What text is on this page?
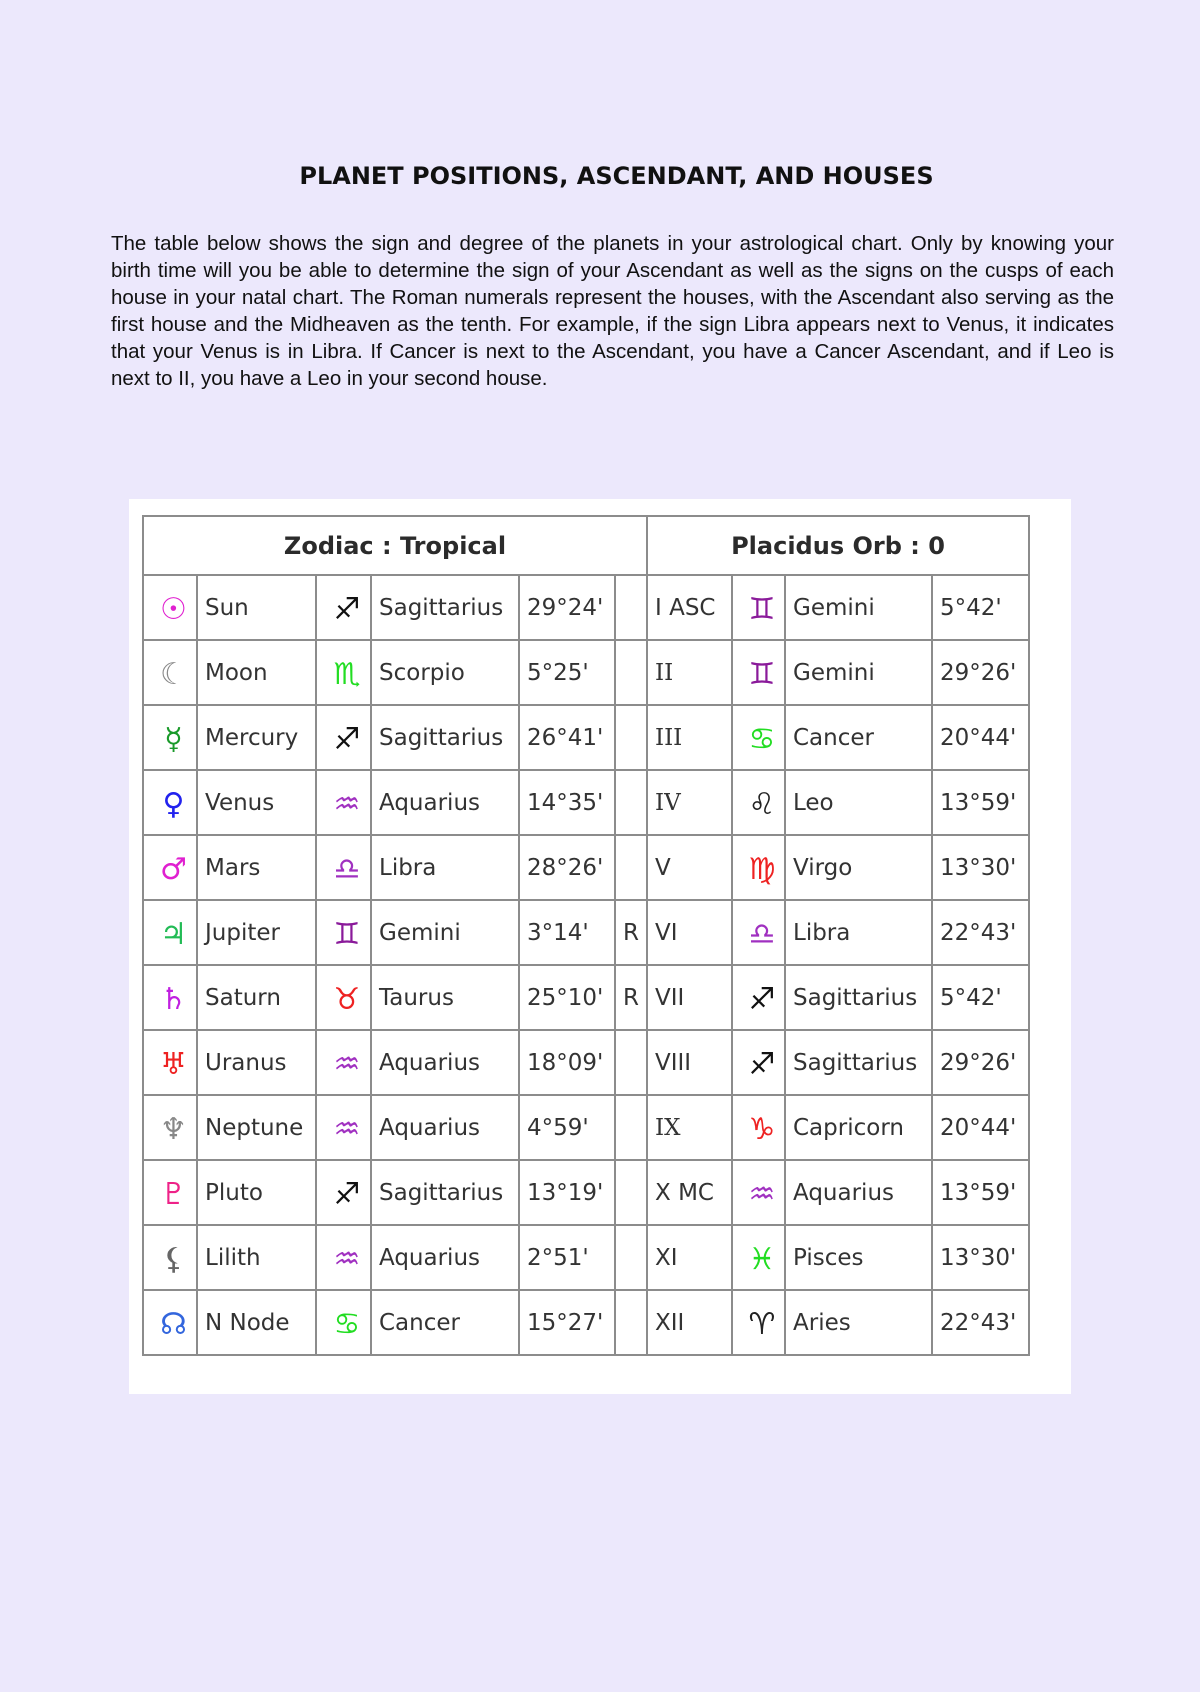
PLANET POSITIONS, ASCENDANT, AND HOUSES
The table below shows the sign and degree of the planets in your astrological chart. Only by knowing your birth time will you be able to determine the sign of your Ascendant as well as the signs on the cusps of each house in your natal chart. The Roman numerals represent the houses, with the Ascendant also serving as the first house and the Midheaven as the tenth. For example, if the sign Libra appears next to Venus, it indicates that your Venus is in Libra. If Cancer is next to the Ascendant, you have a Cancer Ascendant, and if Leo is next to II, you have a Leo in your second house.
Zodiac : Tropical						Placidus Orb : 0			
☉	Sun	♐	Sagittarius	29°24'		I ASC	♊	Gemini	5°42'
☾	Moon	♏	Scorpio	5°25'		II	♊	Gemini	29°26'
☿	Mercury	♐	Sagittarius	26°41'		III	♋	Cancer	20°44'
♀	Venus	♒	Aquarius	14°35'		IV	♌	Leo	13°59'
♂	Mars	♎	Libra	28°26'		V	♍	Virgo	13°30'
♃	Jupiter	♊	Gemini	3°14'	R	VI	♎	Libra	22°43'
♄	Saturn	♉	Taurus	25°10'	R	VII	♐	Sagittarius	5°42'
♅	Uranus	♒	Aquarius	18°09'		VIII	♐	Sagittarius	29°26'
♆	Neptune	♒	Aquarius	4°59'		IX	♑	Capricorn	20°44'
♇	Pluto	♐	Sagittarius	13°19'		X MC	♒	Aquarius	13°59'
⚸	Lilith	♒	Aquarius	2°51'		XI	♓	Pisces	13°30'
☊	N Node	♋	Cancer	15°27'		XII	♈	Aries	22°43'
